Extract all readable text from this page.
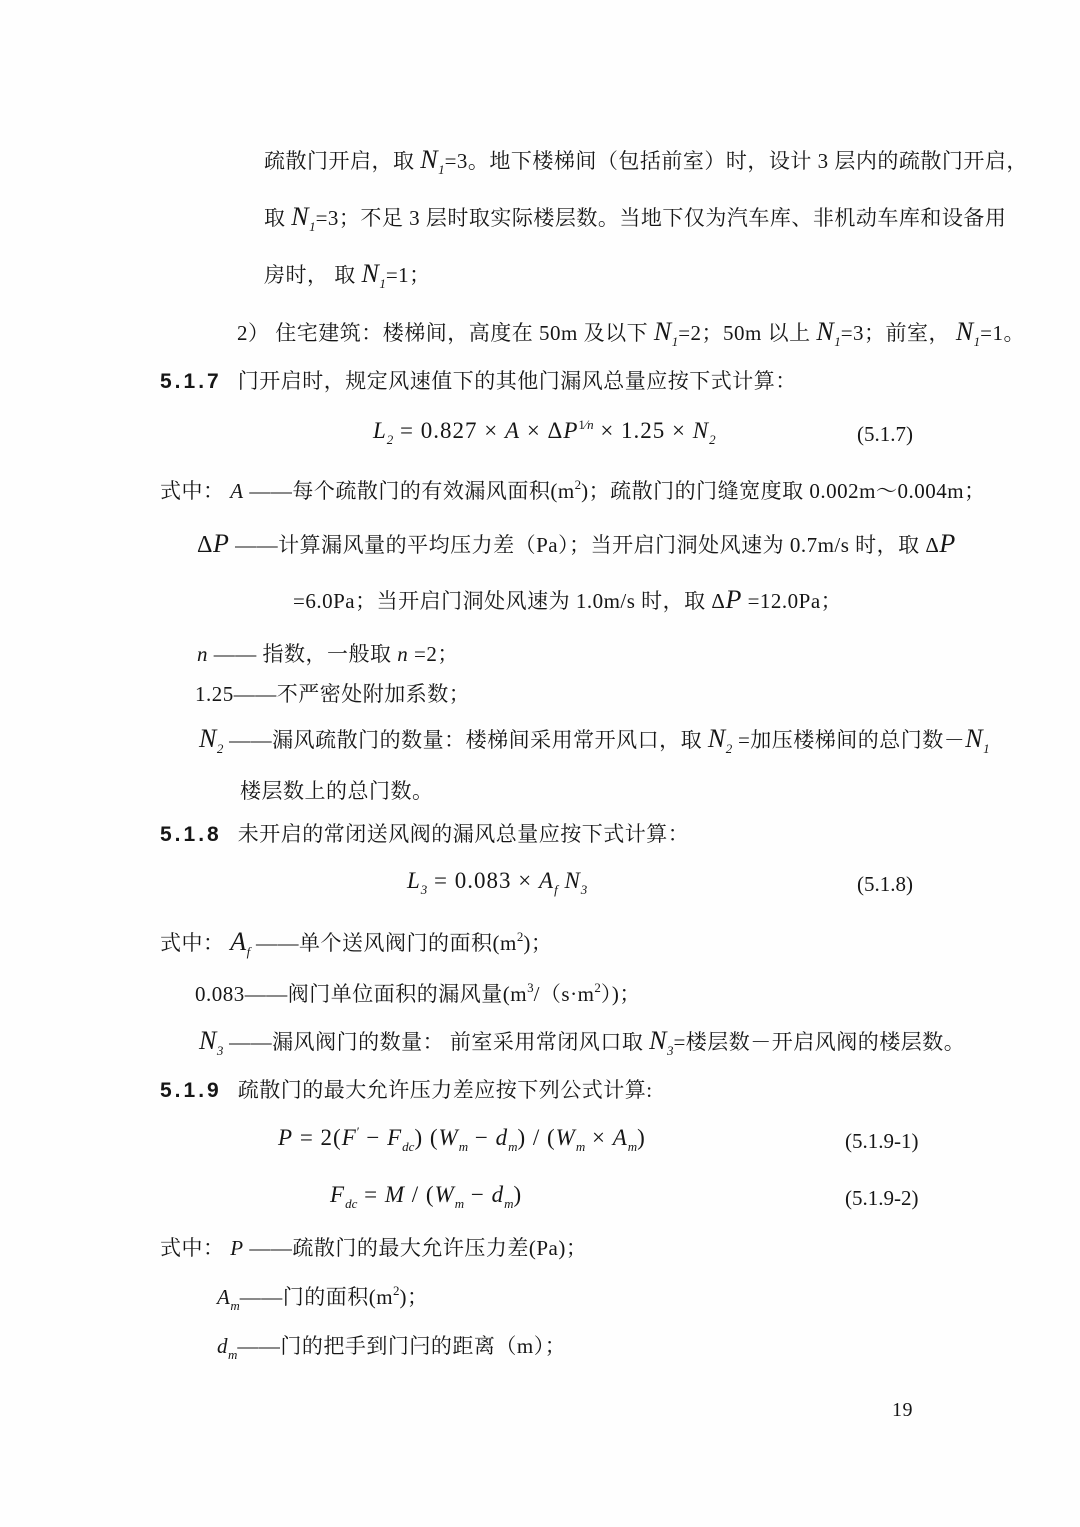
疏散门开启，取 $N_1=3$。地下楼梯间（包括前室）时，设计 3 层内的疏散门开启，
取 $N_1=3$；不足 3 层时取实际楼层数。当地下仅为汽车库、非机动车库和设备用
房时， 取 $N_1=1$；
2） 住宅建筑：楼梯间，高度在 50m 及以下 $N_1=2$；50m 以上 $N_1=3$；前室， $N_1=1$。
5.1.7 门开启时，规定风速值下的其他门漏风总量应按下式计算：
$L_2 = 0.827 \times A \times \Delta P^{1⁄n} \times 1.25 \times N_2$	(5.1.7)
式中： A ——每个疏散门的有效漏风面积$(m^2)$；疏散门的门缝宽度取 0.002m～0.004m；
ΔP ——计算漏风量的平均压力差（Pa）；当开启门洞处风速为 0.7m/s 时，取 ΔP
=6.0Pa；当开启门洞处风速为 1.0m/s 时，取 ΔP =12.0Pa；
n —— 指数，一般取 n =2；
1.25——不严密处附加系数；
$N_2$ ——漏风疏散门的数量：楼梯间采用常开风口，取 $N_2$ =加压楼梯间的总门数$-N_1$
楼层数上的总门数。
5.1.8 未开启的常闭送风阀的漏风总量应按下式计算：
$L_3 = 0.083 \times A_f$ $N_3$	(5.1.8)
式中： $A_f$ ——单个送风阀门的面积$(m^2)$；
0.083——阀门单位面积的漏风量$(m^3/(s\cdot m^2))$；
$N_3$ ——漏风阀门的数量： 前室采用常闭风口取 $N_3=$楼层数－开启风阀的楼层数。
5.1.9 疏散门的最大允许压力差应按下列公式计算:
$P = 2(F' - F_{dc})$ $(W_m - d_m) / (W_m \times A_m)$	(5.1.9-1)
$F_{dc} = M / (W_m - d_m)$	(5.1.9-2)
式中： P ——疏散门的最大允许压力差(Pa)；
$A_m——$门的面积$(m^2)$；
$d_m——$门的把手到门闩的距离（m）；
19
